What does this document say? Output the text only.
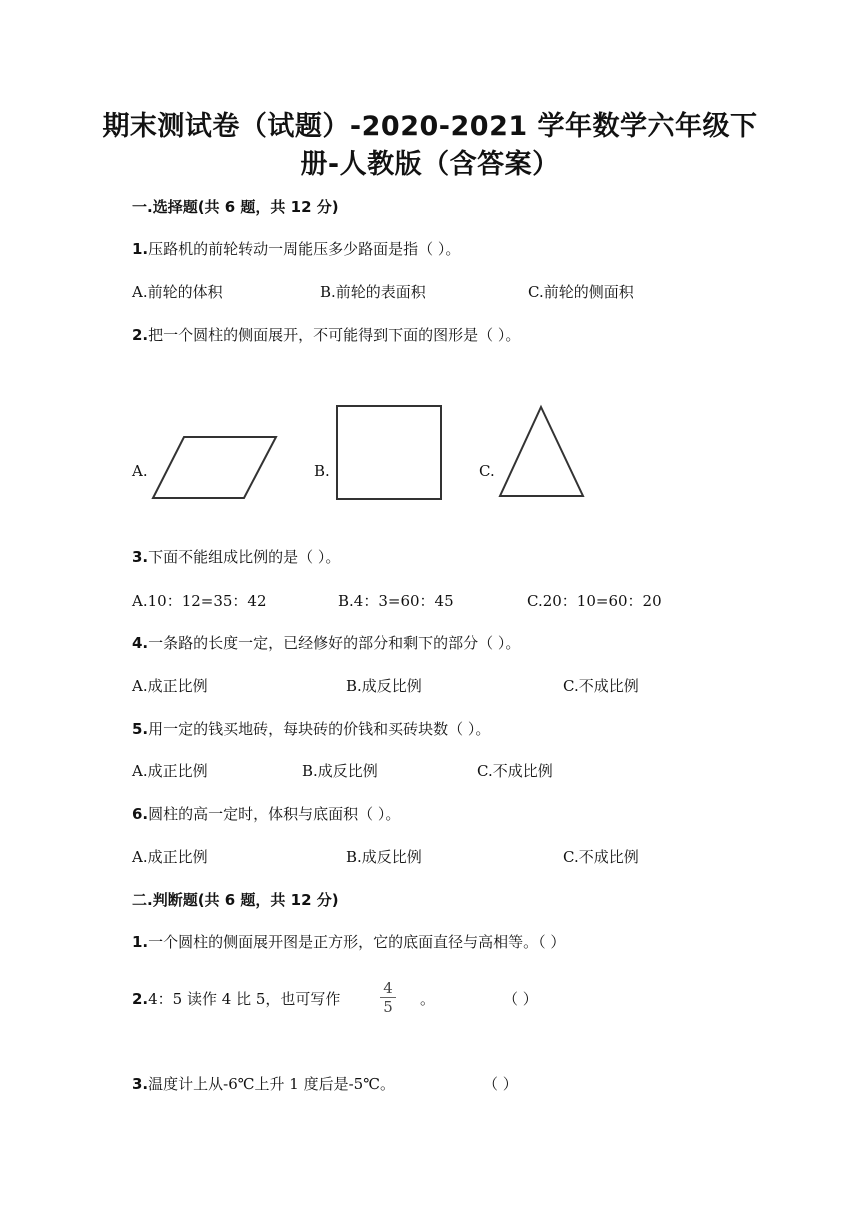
期末测试卷（试题）-2020-2021 学年数学六年级下
册-人教版（含答案）
一.选择题(共 6 题，共 12 分)
1.压路机的前轮转动一周能压多少路面是指（ ）。
A.前轮的体积	B.前轮的表面积	C.前轮的侧面积
2.把一个圆柱的侧面展开，不可能得到下面的图形是（ ）。
A.	B.	C.
3.下面不能组成比例的是（ ）。
A.10：12=35：42	B.4：3=60：45	C.20：10=60：20
4.一条路的长度一定，已经修好的部分和剩下的部分（ ）。
A.成正比例	B.成反比例	C.不成比例
5.用一定的钱买地砖，每块砖的价钱和买砖块数（ ）。
A.成正比例	B.成反比例	C.不成比例
6.圆柱的高一定时，体积与底面积（ ）。
A.成正比例	B.成反比例	C.不成比例
二.判断题(共 6 题，共 12 分)
1.一个圆柱的侧面展开图是正方形，它的底面直径与高相等。（ ）
2.4：5 读作 4 比 5，也可写作
4
5 。	（ ）
3.温度计上从-6℃上升 1 度后是-5℃。	（ ）
